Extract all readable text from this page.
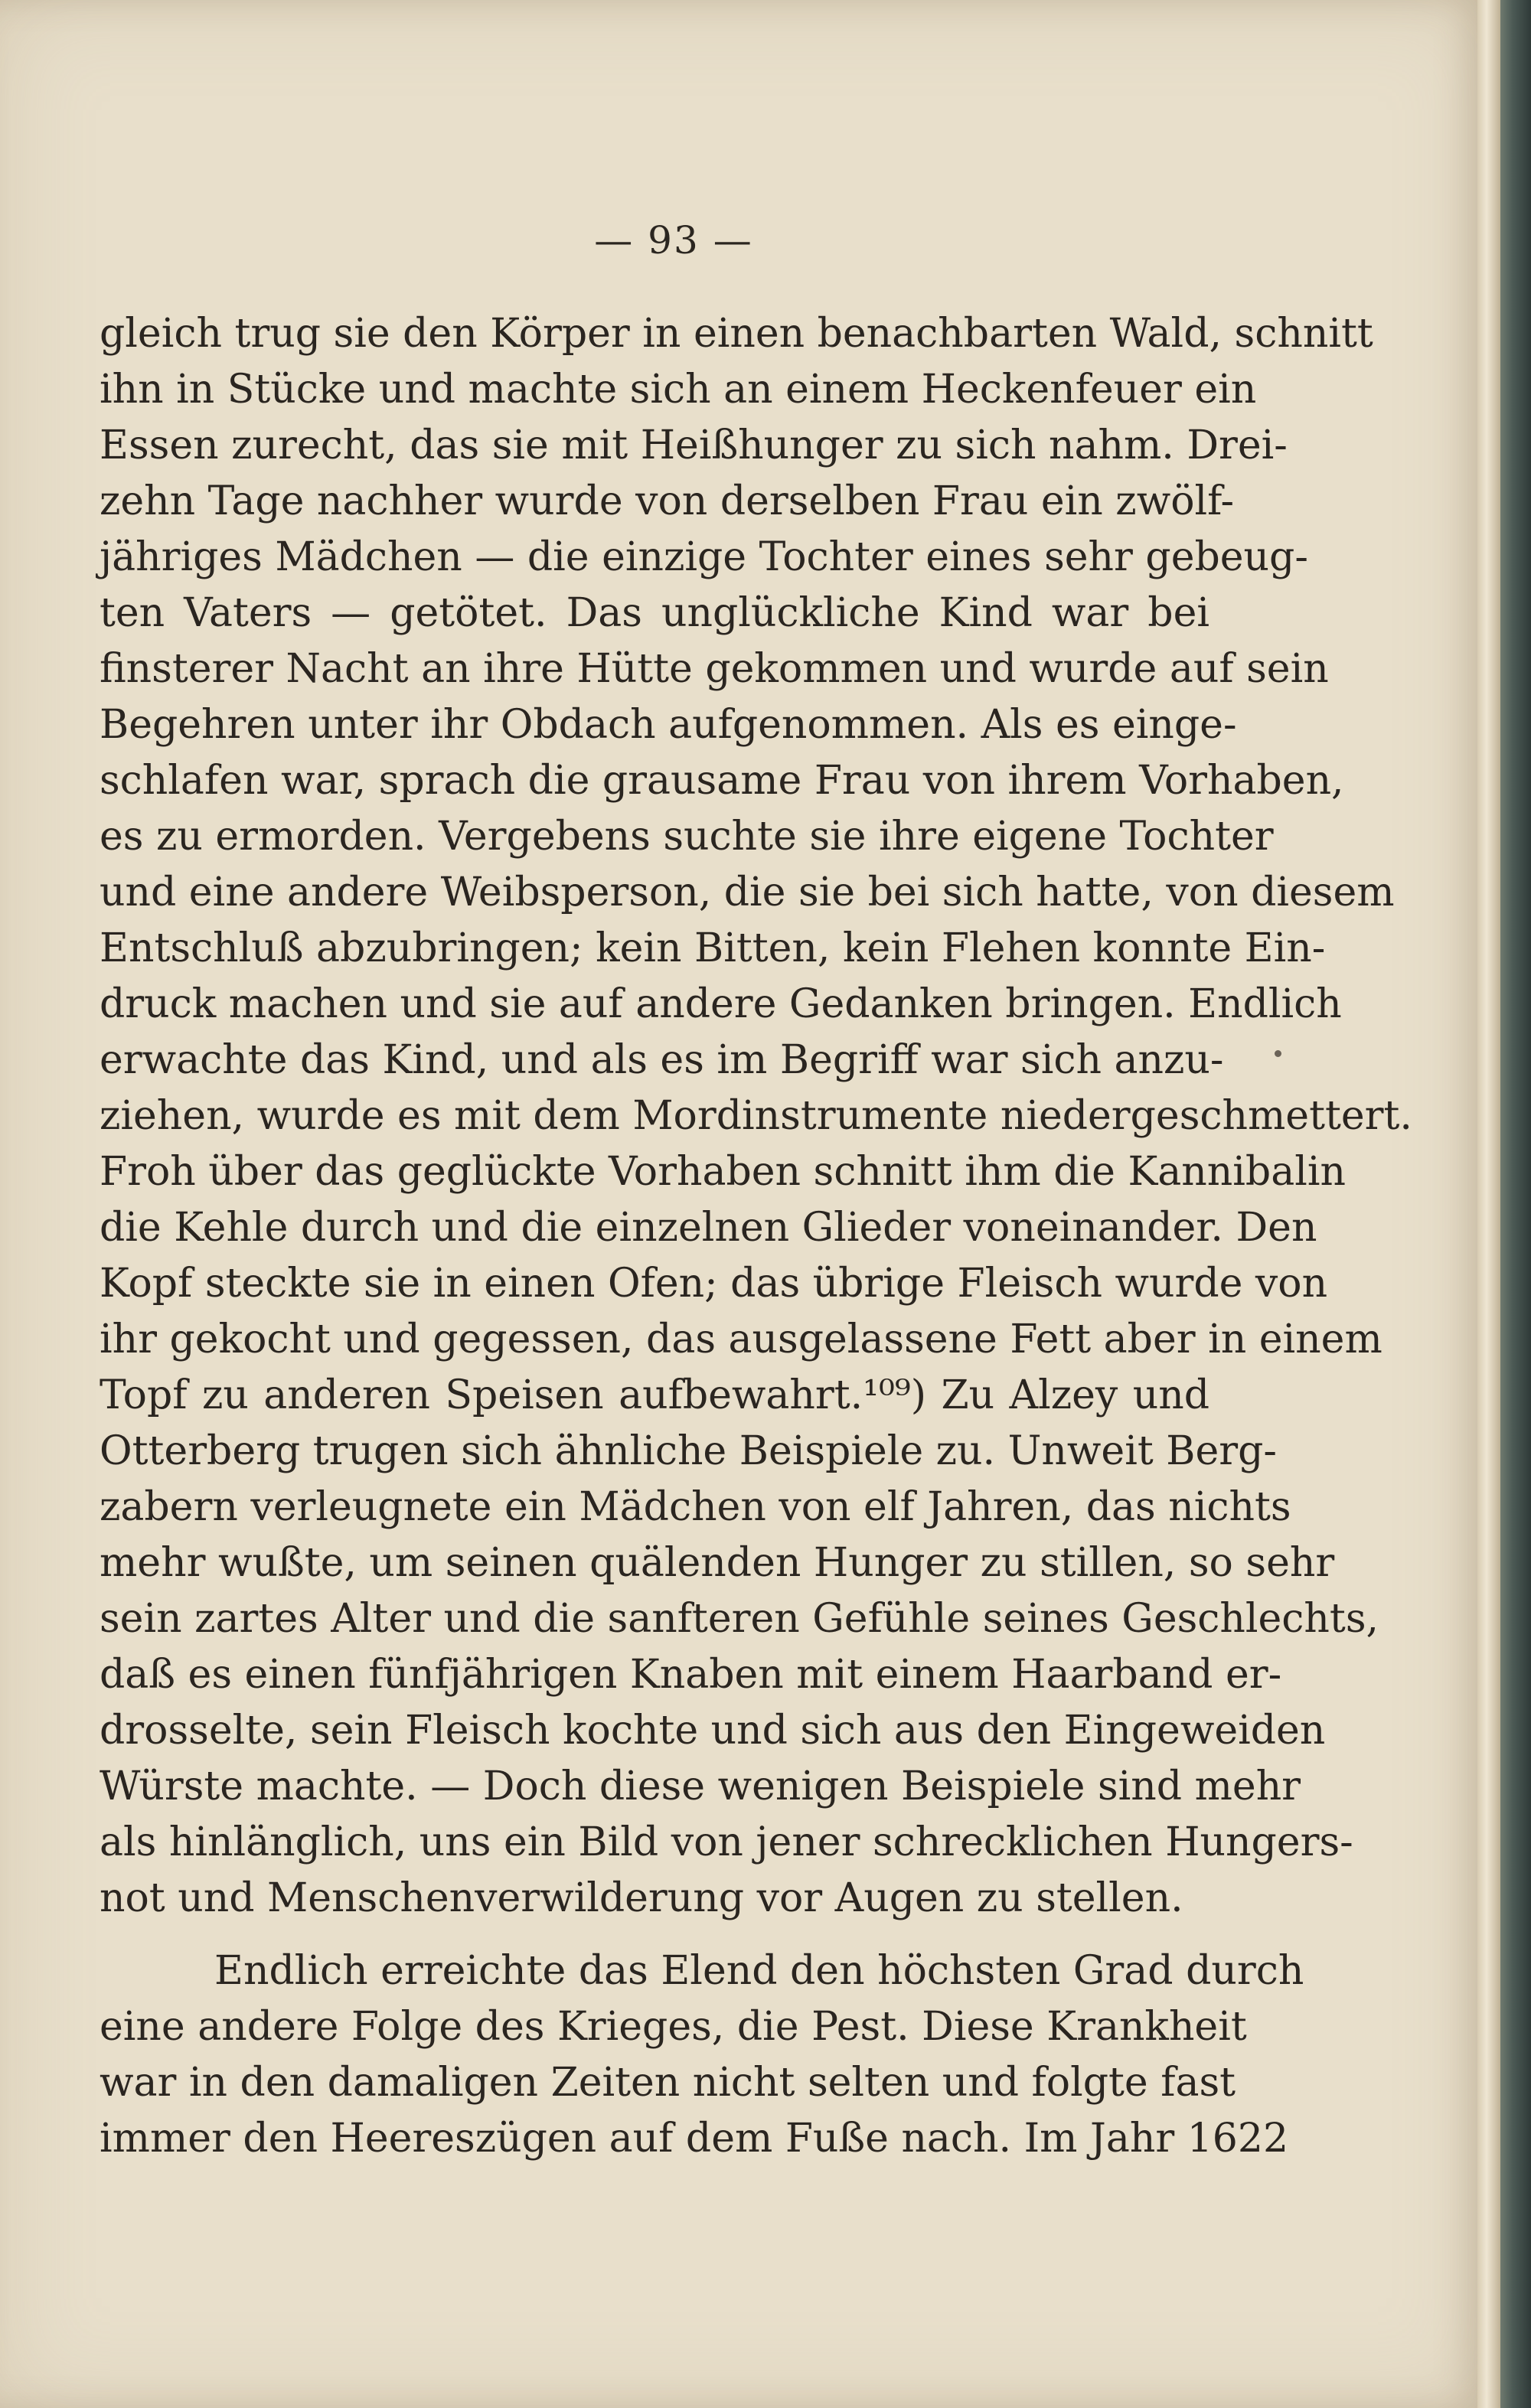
— 93 —
gleich trug sie den Körper in einen benachbarten Wald, schnitt
ihn in Stücke und machte sich an einem Heckenfeuer ein
Essen zurecht, das sie mit Heißhunger zu sich nahm. Drei-
zehn Tage nachher wurde von derselben Frau ein zwölf-
jähriges Mädchen — die einzige Tochter eines sehr gebeug-
ten Vaters — getötet. Das unglückliche Kind war bei
finsterer Nacht an ihre Hütte gekommen und wurde auf sein
Begehren unter ihr Obdach aufgenommen. Als es einge-
schlafen war, sprach die grausame Frau von ihrem Vorhaben,
es zu ermorden. Vergebens suchte sie ihre eigene Tochter
und eine andere Weibsperson, die sie bei sich hatte, von diesem
Entschluß abzubringen; kein Bitten, kein Flehen konnte Ein-
druck machen und sie auf andere Gedanken bringen. Endlich
erwachte das Kind, und als es im Begriff war sich anzu-
ziehen, wurde es mit dem Mordinstrumente niedergeschmettert.
Froh über das geglückte Vorhaben schnitt ihm die Kannibalin
die Kehle durch und die einzelnen Glieder voneinander. Den
Kopf steckte sie in einen Ofen; das übrige Fleisch wurde von
ihr gekocht und gegessen, das ausgelassene Fett aber in einem
Topf zu anderen Speisen aufbewahrt.¹⁰⁹) Zu Alzey und
Otterberg trugen sich ähnliche Beispiele zu. Unweit Berg-
zabern verleugnete ein Mädchen von elf Jahren, das nichts
mehr wußte, um seinen quälenden Hunger zu stillen, so sehr
sein zartes Alter und die sanfteren Gefühle seines Geschlechts,
daß es einen fünfjährigen Knaben mit einem Haarband er-
drosselte, sein Fleisch kochte und sich aus den Eingeweiden
Würste machte. — Doch diese wenigen Beispiele sind mehr
als hinlänglich, uns ein Bild von jener schrecklichen Hungers-
not und Menschenverwilderung vor Augen zu stellen.
Endlich erreichte das Elend den höchsten Grad durch
eine andere Folge des Krieges, die Pest. Diese Krankheit
war in den damaligen Zeiten nicht selten und folgte fast
immer den Heereszügen auf dem Fuße nach. Im Jahr 1622
